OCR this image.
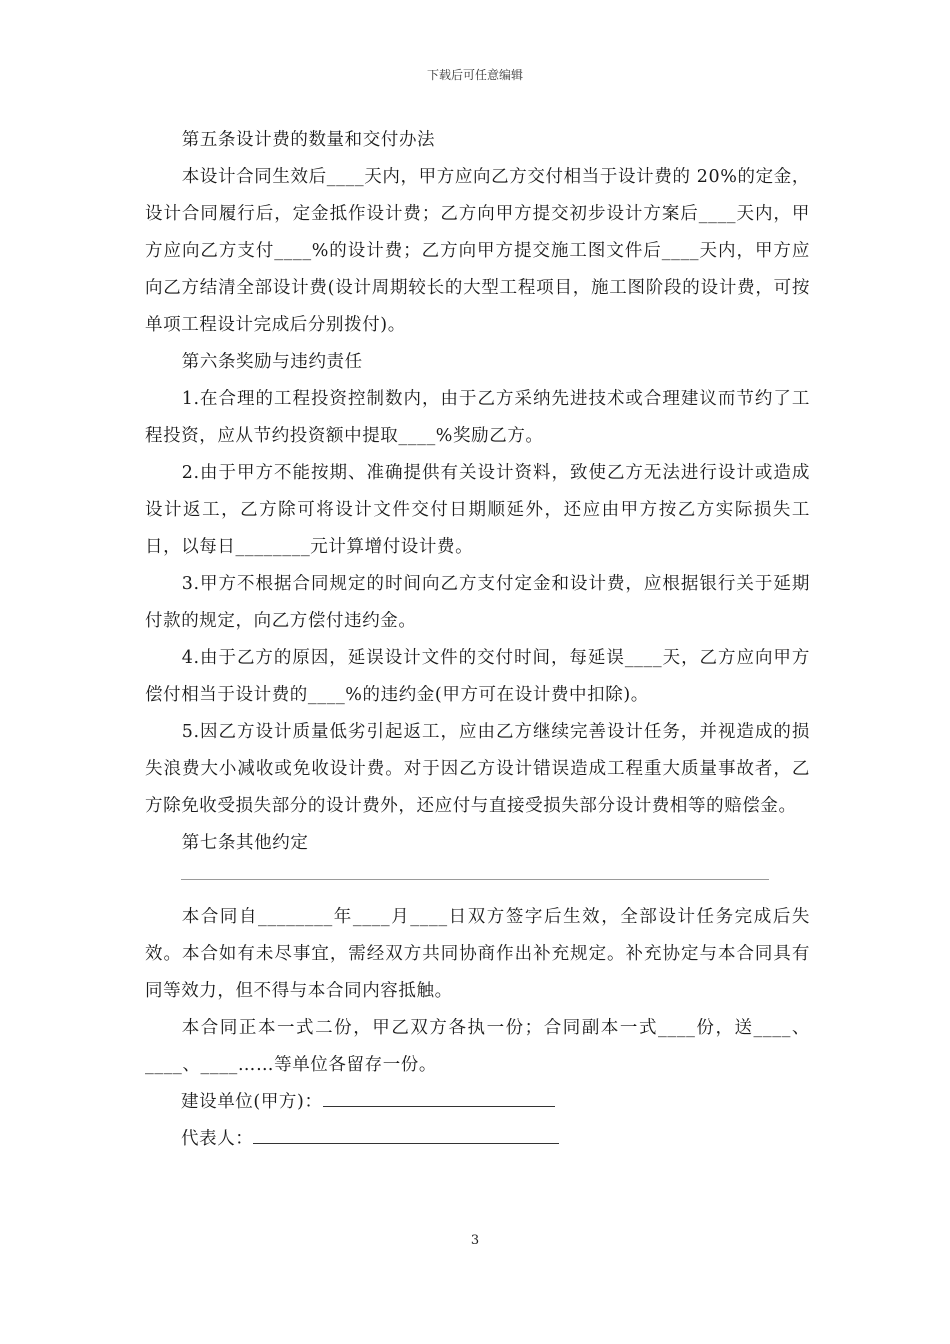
下载后可任意编辑

第五条设计费的数量和交付办法

本设计合同生效后____天内，甲方应向乙方交付相当于设计费的 20%的定金，设计合同履行后，定金抵作设计费；乙方向甲方提交初步设计方案后____天内，甲方应向乙方支付____%的设计费；乙方向甲方提交施工图文件后____天内，甲方应向乙方结清全部设计费(设计周期较长的大型工程项目，施工图阶段的设计费，可按单项工程设计完成后分别拨付)。

第六条奖励与违约责任

1.在合理的工程投资控制数内，由于乙方采纳先进技术或合理建议而节约了工程投资，应从节约投资额中提取____%奖励乙方。

2.由于甲方不能按期、准确提供有关设计资料，致使乙方无法进行设计或造成设计返工，乙方除可将设计文件交付日期顺延外，还应由甲方按乙方实际损失工日，以每日________元计算增付设计费。

3.甲方不根据合同规定的时间向乙方支付定金和设计费，应根据银行关于延期付款的规定，向乙方偿付违约金。

4.由于乙方的原因，延误设计文件的交付时间，每延误____天，乙方应向甲方偿付相当于设计费的____%的违约金(甲方可在设计费中扣除)。

5.因乙方设计质量低劣引起返工，应由乙方继续完善设计任务，并视造成的损失浪费大小减收或免收设计费。对于因乙方设计错误造成工程重大质量事故者，乙方除免收受损失部分的设计费外，还应付与直接受损失部分设计费相等的赔偿金。

第七条其他约定

本合同自________年____月____日双方签字后生效，全部设计任务完成后失效。本合如有未尽事宜，需经双方共同协商作出补充规定。补充协定与本合同具有同等效力，但不得与本合同内容抵触。

本合同正本一式二份，甲乙双方各执一份；合同副本一式____份，送____、____、____……等单位各留存一份。

建设单位(甲方)：

代表人：

3
